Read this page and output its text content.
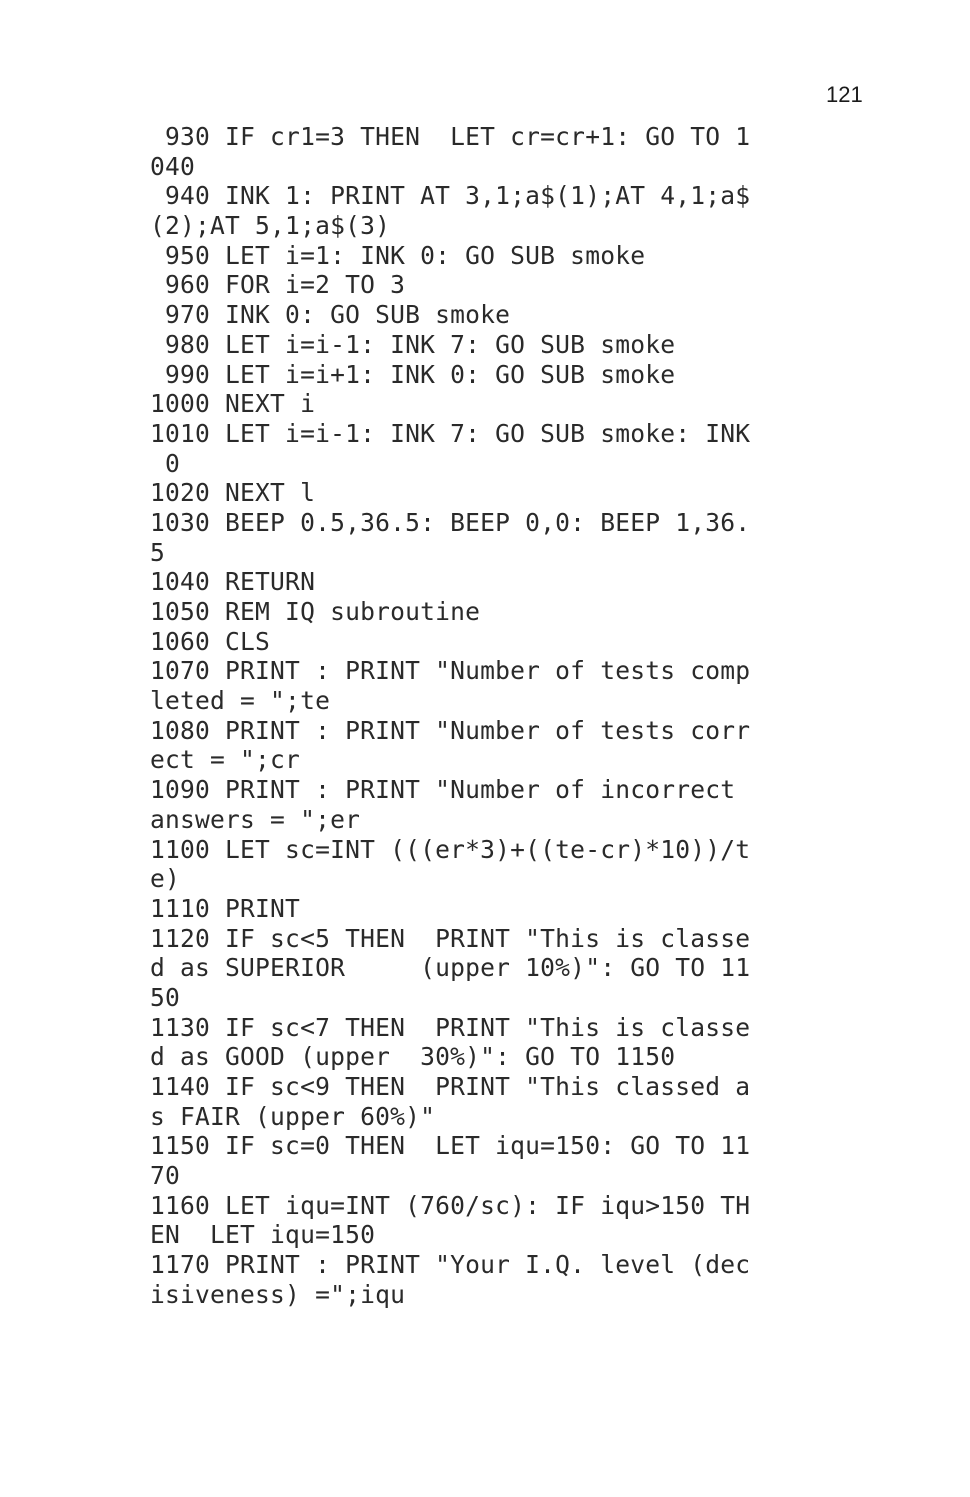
121
930 IF cr1=3 THEN  LET cr=cr+1: GO TO 1
040
940 INK 1: PRINT AT 3,1;a$(1);AT 4,1;a$
(2);AT 5,1;a$(3)
950 LET i=1: INK 0: GO SUB smoke
960 FOR i=2 TO 3
970 INK 0: GO SUB smoke
980 LET i=i-1: INK 7: GO SUB smoke
990 LET i=i+1: INK 0: GO SUB smoke
1000 NEXT i
1010 LET i=i-1: INK 7: GO SUB smoke: INK
0
1020 NEXT l
1030 BEEP 0.5,36.5: BEEP 0,0: BEEP 1,36.
5
1040 RETURN
1050 REM IQ subroutine
1060 CLS
1070 PRINT : PRINT "Number of tests comp
leted = ";te
1080 PRINT : PRINT "Number of tests corr
ect = ";cr
1090 PRINT : PRINT "Number of incorrect
answers = ";er
1100 LET sc=INT (((er*3)+((te-cr)*10))/t
e)
1110 PRINT
1120 IF sc<5 THEN  PRINT "This is classe
d as SUPERIOR     (upper 10%)": GO TO 11
50
1130 IF sc<7 THEN  PRINT "This is classe
d as GOOD (upper  30%)": GO TO 1150
1140 IF sc<9 THEN  PRINT "This classed a
s FAIR (upper 60%)"
1150 IF sc=0 THEN  LET iqu=150: GO TO 11
70
1160 LET iqu=INT (760/sc): IF iqu>150 TH
EN  LET iqu=150
1170 PRINT : PRINT "Your I.Q. level (dec
isiveness) =";iqu
